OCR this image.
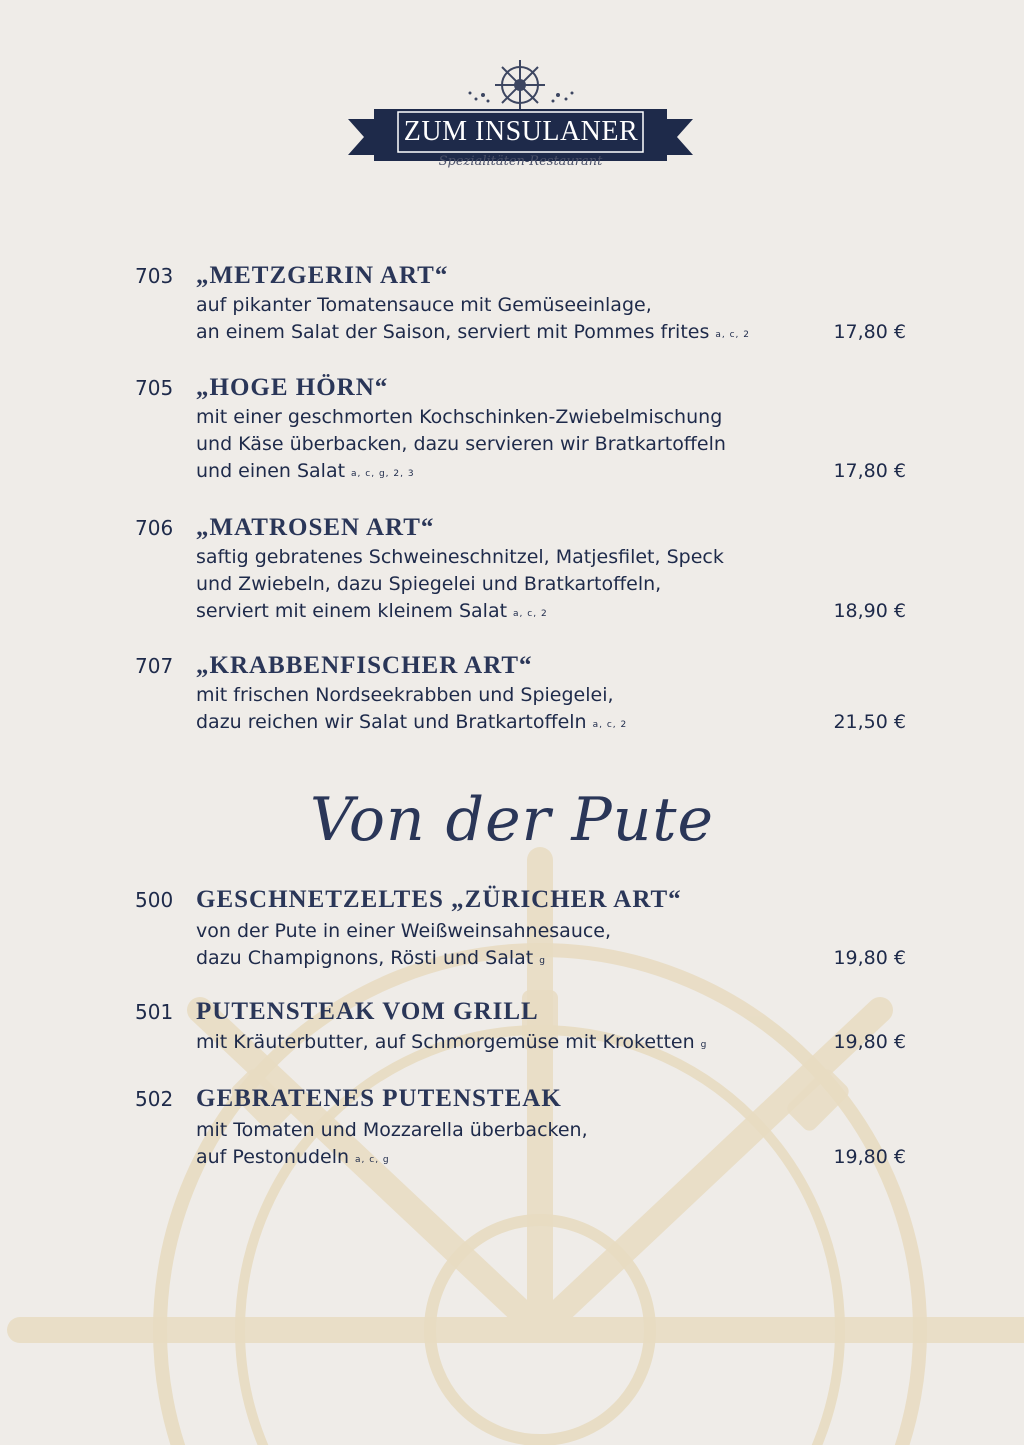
ZUM INSULANER
Spezialitäten-Restaurant
703 „METZGERIN ART“
auf pikanter Tomatensauce mit Gemüseeinlage,
an einem Salat der Saison, serviert mit Pommes frites a, c, 2	17,80 €
705 „HOGE HÖRN“
mit einer geschmorten Kochschinken-Zwiebelmischung
und Käse überbacken, dazu servieren wir Bratkartoffeln
und einen Salat a, c, g, 2, 3	17,80 €
706 „MATROSEN ART“
saftig gebratenes Schweineschnitzel, Matjesfilet, Speck
und Zwiebeln, dazu Spiegelei und Bratkartoffeln,
serviert mit einem kleinem Salat a, c, 2	18,90 €
707 „KRABBENFISCHER ART“
mit frischen Nordseekrabben und Spiegelei,
dazu reichen wir Salat und Bratkartoffeln a, c, 2	21,50 €
Von der Pute
500 GESCHNETZELTES „ZÜRICHER ART“
von der Pute in einer Weißweinsahnesauce,
dazu Champignons, Rösti und Salat g	19,80 €
501 PUTENSTEAK VOM GRILL
mit Kräuterbutter, auf Schmorgemüse mit Kroketten g	19,80 €
502 GEBRATENES PUTENSTEAK
mit Tomaten und Mozzarella überbacken,
auf Pestonudeln a, c, g	19,80 €
